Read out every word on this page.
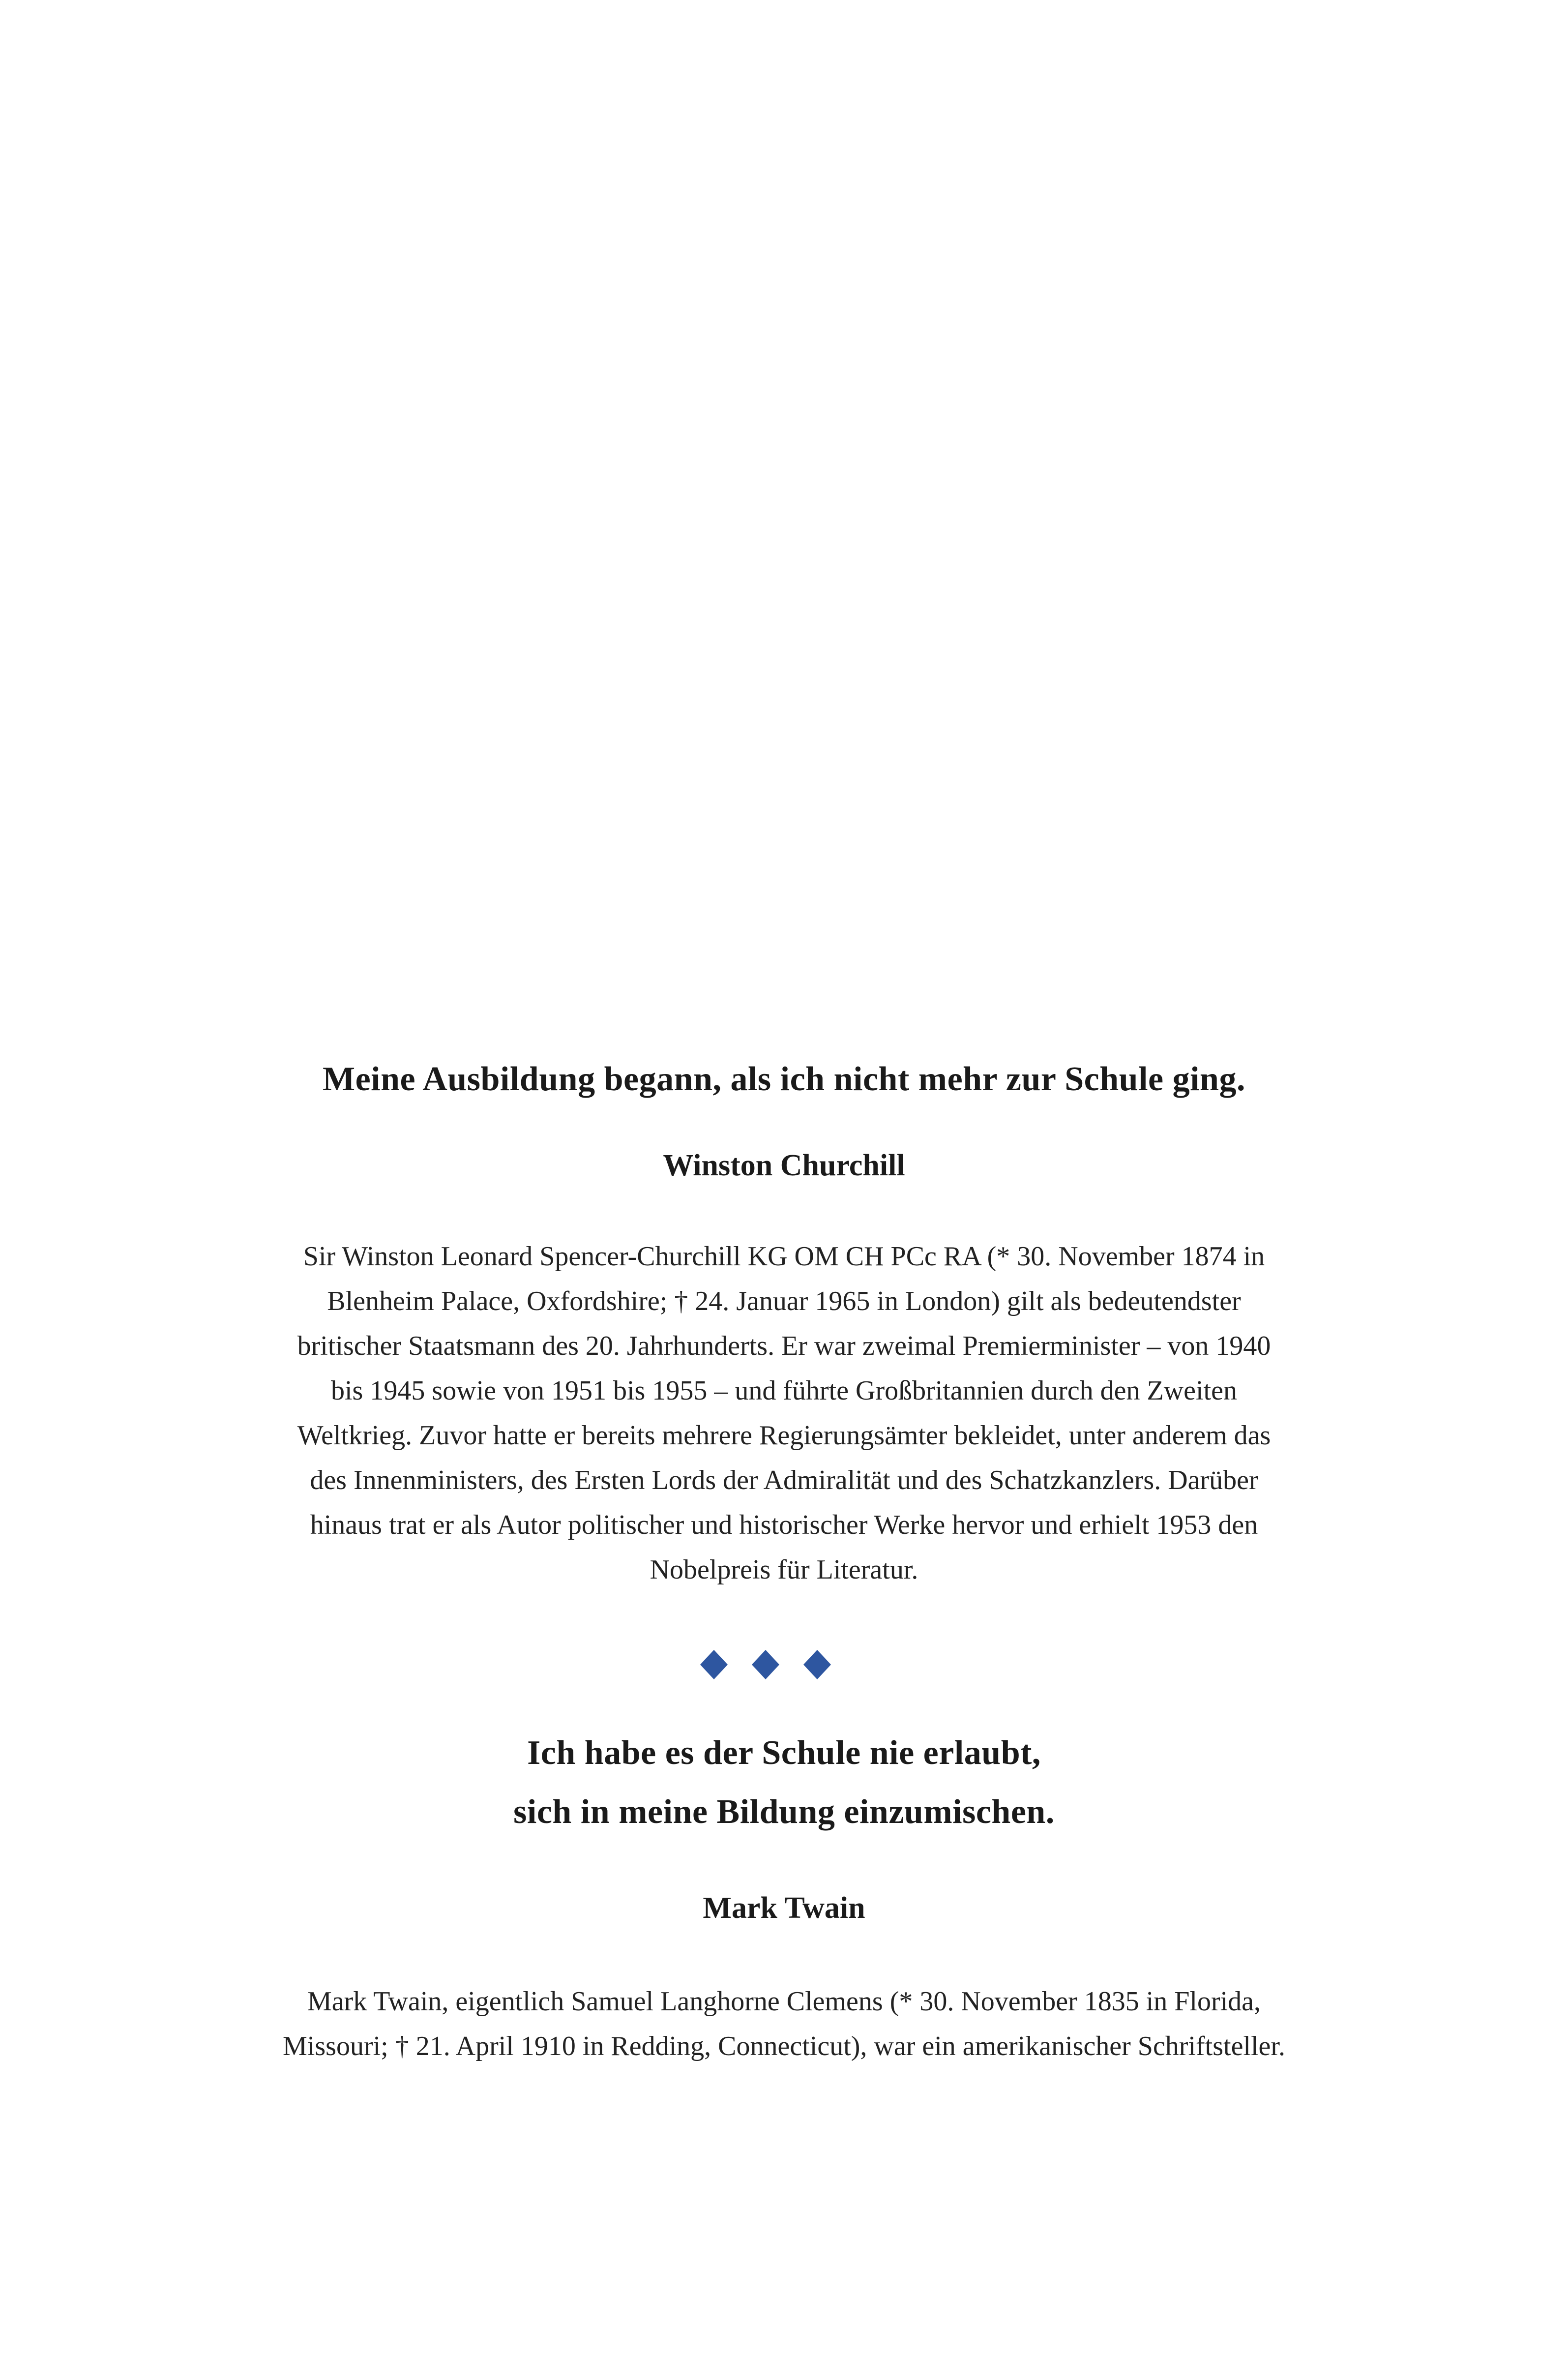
Meine Ausbildung begann, als ich nicht mehr zur Schule ging.
Winston Churchill
Sir Winston Leonard Spencer-Churchill KG OM CH PCc RA (* 30. November 1874 in
Blenheim Palace, Oxfordshire; † 24. Januar 1965 in London) gilt als bedeutendster
britischer Staatsmann des 20. Jahrhunderts. Er war zweimal Premierminister – von 1940
bis 1945 sowie von 1951 bis 1955 – und führte Großbritannien durch den Zweiten
Weltkrieg. Zuvor hatte er bereits mehrere Regierungsämter bekleidet, unter anderem das
des Innenministers, des Ersten Lords der Admiralität und des Schatzkanzlers. Darüber
hinaus trat er als Autor politischer und historischer Werke hervor und erhielt 1953 den
Nobelpreis für Literatur.
Ich habe es der Schule nie erlaubt,
sich in meine Bildung einzumischen.
Mark Twain
Mark Twain, eigentlich Samuel Langhorne Clemens (* 30. November 1835 in Florida,
Missouri; † 21. April 1910 in Redding, Connecticut), war ein amerikanischer Schriftsteller.
